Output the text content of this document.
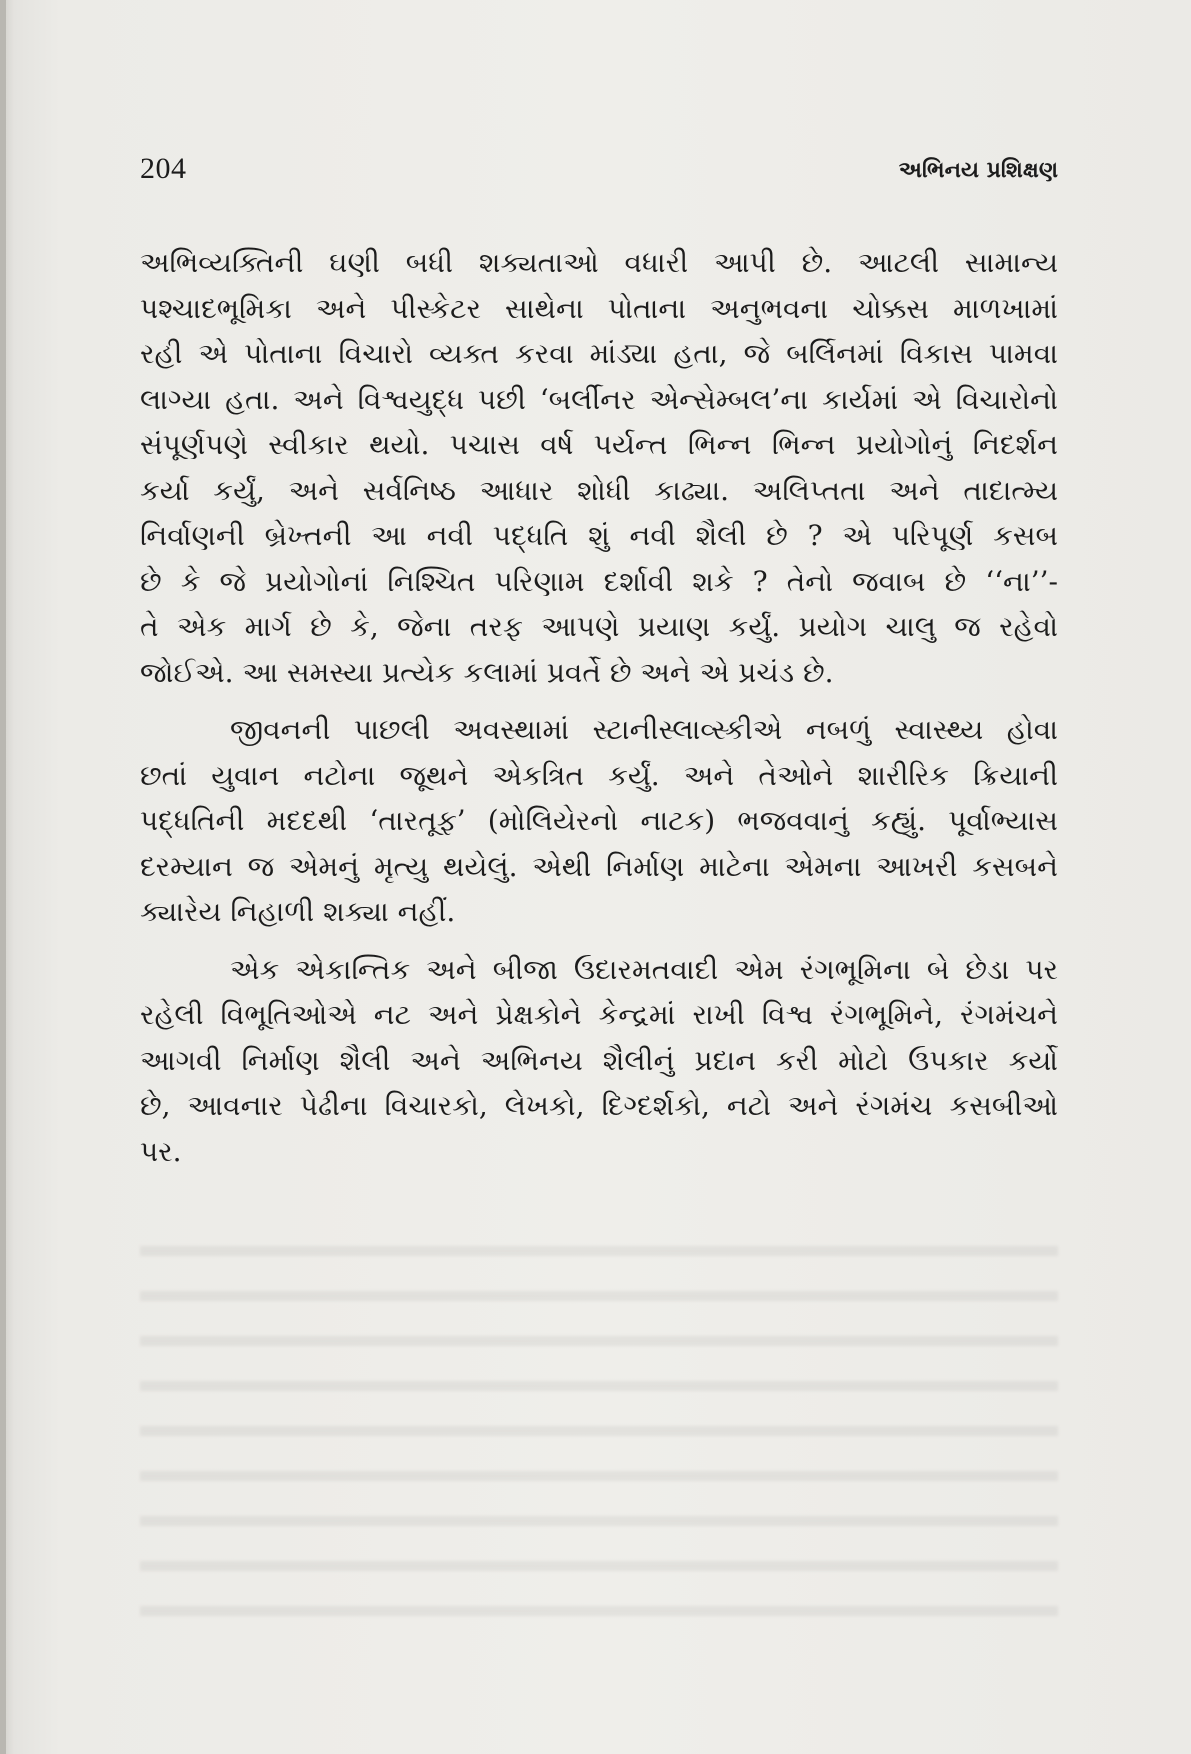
204	અભિનય પ્રશિક્ષણ
અભિવ્યક્તિની ઘણી બધી શક્યતાઓ વધારી આપી છે. આટલી સામાન્ય
પશ્ચાદભૂમિકા અને પીસ્કેટર સાથેના પોતાના અનુભવના ચોક્કસ માળખામાં
રહી એ પોતાના વિચારો વ્યક્ત કરવા માંડ્યા હતા, જે બર્લિનમાં વિકાસ પામવા
લાગ્યા હતા. અને વિશ્વયુદ્ધ પછી ‘બર્લીનર એન્સેમ્બલ’ના કાર્યમાં એ વિચારોનો
સંપૂર્ણપણે સ્વીકાર થયો. પચાસ વર્ષ પર્યન્ત ભિન્ન ભિન્ન પ્રયોગોનું નિદર્શન
કર્યા કર્યું, અને સર્વનિષ્ઠ આધાર શોધી કાઢ્યા. અલિપ્તતા અને તાદાત્મ્ય
નિર્વાણની બ્રેખ્તની આ નવી પદ્ધતિ શું નવી શૈલી છે ? એ પરિપૂર્ણ કસબ
છે કે જે પ્રયોગોનાં નિશ્ચિત પરિણામ દર્શાવી શકે ? તેનો જવાબ છે ‘‘ના’’-
તે એક માર્ગ છે કે, જેના તરફ આપણે પ્રયાણ કર્યું. પ્રયોગ ચાલુ જ રહેવો
જોઈએ. આ સમસ્યા પ્રત્યેક કલામાં પ્રવર્તે છે અને એ પ્રચંડ છે.
જીવનની પાછલી અવસ્થામાં સ્ટાનીસ્લાવ્સ્કીએ નબળું સ્વાસ્થ્ય હોવા
છતાં યુવાન નટોના જૂથને એકત્રિત કર્યું. અને તેઓને શારીરિક ક્રિયાની
પદ્ધતિની મદદથી ‘તારતૂફ’ (મોલિયેરનો નાટક) ભજવવાનું કહ્યું. પૂર્વાભ્યાસ
દરમ્યાન જ એમનું મૃત્યુ થયેલું. એથી નિર્માણ માટેના એમના આખરી કસબને
ક્યારેય નિહાળી શક્યા નહીં.
એક એકાન્તિક અને બીજા ઉદારમતવાદી એમ રંગભૂમિના બે છેડા પર
રહેલી વિભૂતિઓએ નટ અને પ્રેક્ષકોને કેન્દ્રમાં રાખી વિશ્વ રંગભૂમિને, રંગમંચને
આગવી નિર્માણ શૈલી અને અભિનય શૈલીનું પ્રદાન કરી મોટો ઉપકાર કર્યો
છે, આવનાર પેઢીના વિચારકો, લેખકો, દિગ્દર્શકો, નટો અને રંગમંચ કસબીઓ
પર.
